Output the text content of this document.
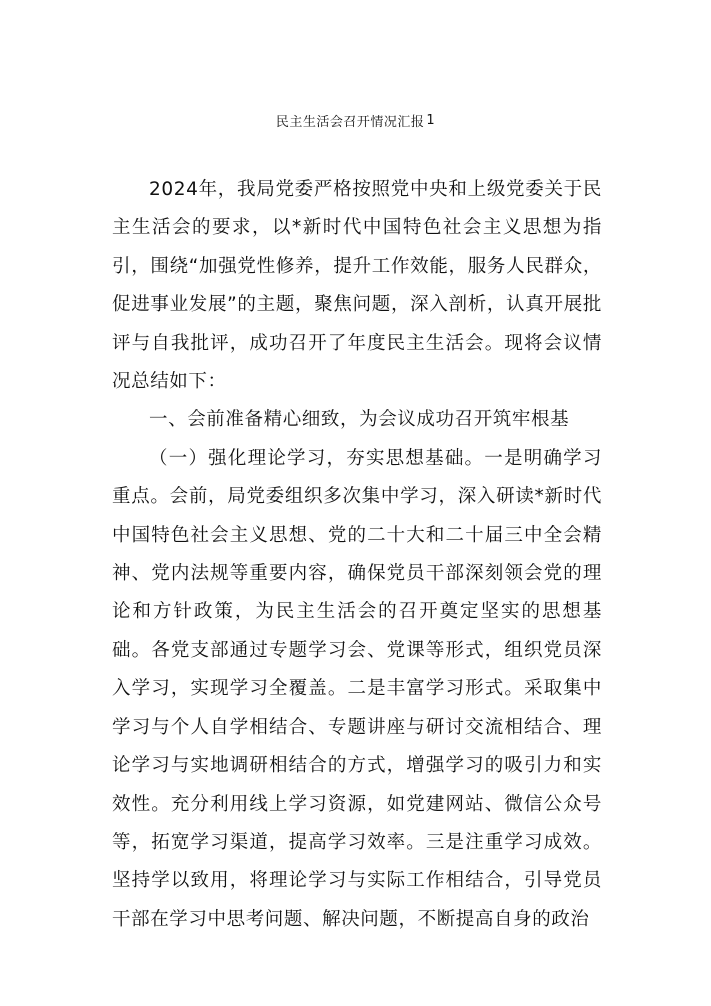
民主生活会召开情况汇报 $^1$

2024年，我局党委严格按照党中央和上级党委关于民主生活会的要求，以*新时代中国特色社会主义思想为指引，围绕“加强党性修养，提升工作效能，服务人民群众，促进事业发展”的主题，聚焦问题，深入剖析，认真开展批评与自我批评，成功召开了年度民主生活会。现将会议情况总结如下：

一、会前准备精心细致，为会议成功召开筑牢根基

（一）强化理论学习，夯实思想基础。一是明确学习重点。会前，局党委组织多次集中学习，深入研读*新时代中国特色社会主义思想、党的二十大和二十届三中全会精神、党内法规等重要内容，确保党员干部深刻领会党的理论和方针政策，为民主生活会的召开奠定坚实的思想基础。各党支部通过专题学习会、党课等形式，组织党员深入学习，实现学习全覆盖。二是丰富学习形式。采取集中学习与个人自学相结合、专题讲座与研讨交流相结合、理论学习与实地调研相结合的方式，增强学习的吸引力和实效性。充分利用线上学习资源，如党建网站、微信公众号等，拓宽学习渠道，提高学习效率。三是注重学习成效。坚持学以致用，将理论学习与实际工作相结合，引导党员干部在学习中思考问题、解决问题，不断提高自身的政治
